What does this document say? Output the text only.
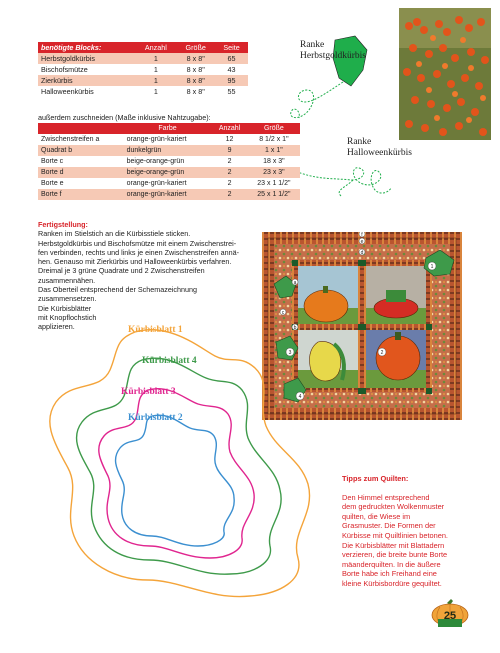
benötigte Blocks:	Anzahl	Größe	Seite
Herbstgoldkürbis	1	8 x 8"	65
Bischofsmütze	1	8 x 8"	43
Zierkürbis	1	8 x 8"	95
Halloweenkürbis	1	8 x 8"	55
Ranke
Herbstgoldkürbis
Ranke
Halloweenkürbis
außerdem zuschneiden (Maße inklusive Nahtzugabe):
	Farbe	Anzahl	Größe
Zwischenstreifen a	orange-grün-kariert	12	8 1/2 x 1"
Quadrat b	dunkelgrün	9	1 x 1"
Borte c	beige-orange-grün	2	18 x 3"
Borte d	beige-orange-grün	2	23 x 3"
Borte e	orange-grün-kariert	2	23 x 1 1/2"
Borte f	orange-grün-kariert	2	25 x 1 1/2"

Fertigstellung:

Ranken im Stielstich an die Kürbisstiele sticken.

Herbstgoldkürbis und Bischofsmütze mit einem Zwischenstrei-

fen verbinden, rechts und links je einen Zwischenstreifen annä-

hen. Genauso mit Zierkürbis und Halloweenkürbis verfahren.

Dreimal je 3 grüne Quadrate und 2 Zwischenstreifen

zusammennähen.

Das Oberteil entsprechend der Schemazeichnung

zusammensetzen.

Die Kürbisblätter

mit Knopflochstich

applizieren.

f
e
1
2
3
4
a
b
c
d
Kürbisblatt 1
Kürbisblatt 4
Kürbisblatt 3
Kürbisblatt 2
Tipps zum Quilten:
Den Himmel entsprechend
dem gedruckten Wolkenmuster
quilten, die Wiese im
Grasmuster. Die Formen der
Kürbisse mit Quiltlinien betonen.
Die Kürbisblätter mit Blattadern
verzieren, die breite bunte Borte
mäanderquilten. In die äußere
Borte habe ich Freihand eine
kleine Kürbisbordüre gequiltet.
25
